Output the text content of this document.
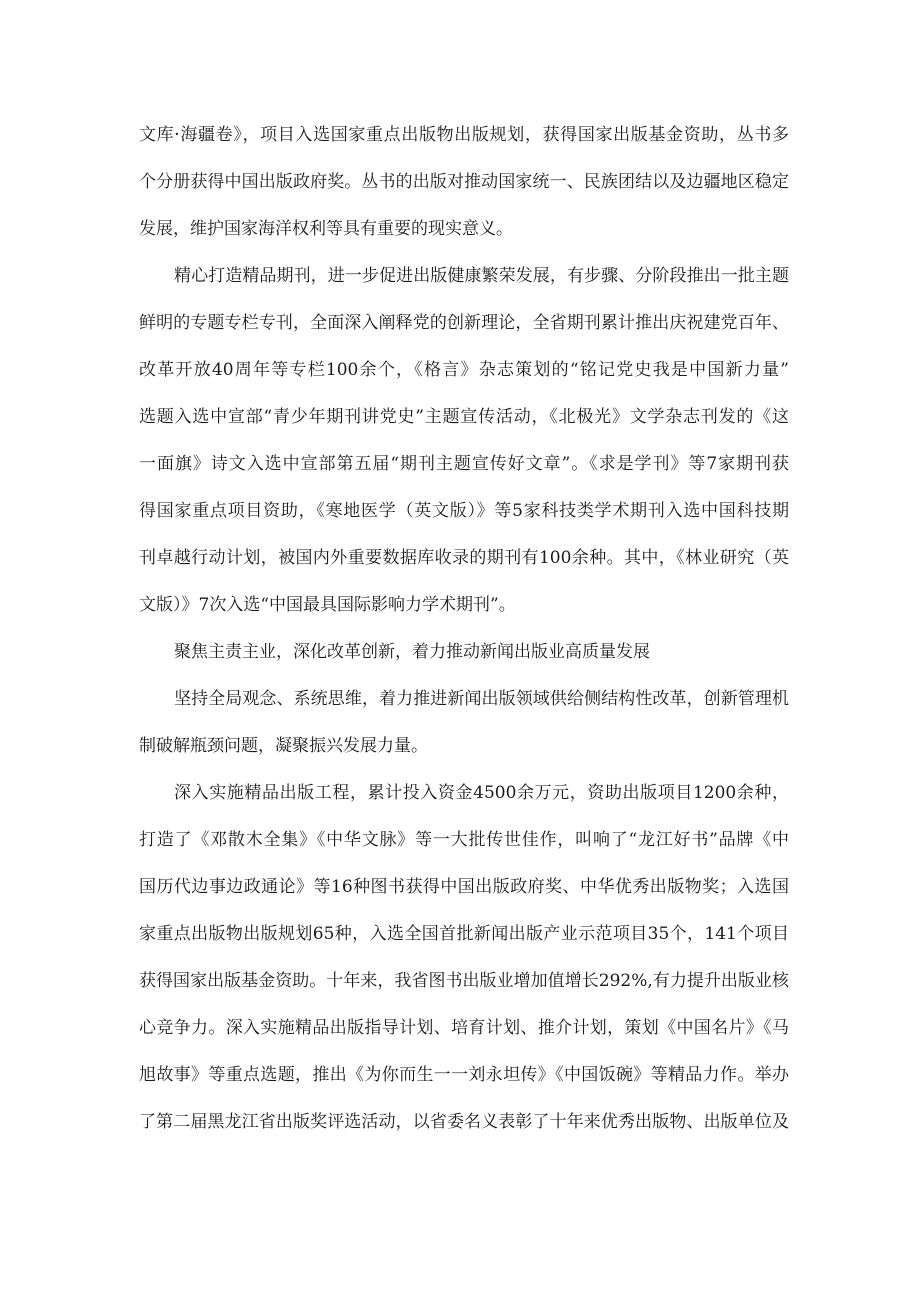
文库·海疆卷》，项目入选国家重点出版物出版规划，获得国家出版基金资助，丛书多
个分册获得中国出版政府奖。丛书的出版对推动国家统一、民族团结以及边疆地区稳定
发展，维护国家海洋权利等具有重要的现实意义。
精心打造精品期刊，进一步促进出版健康繁荣发展，有步骤、分阶段推出一批主题
鲜明的专题专栏专刊，全面深入阐释党的创新理论，全省期刊累计推出庆祝建党百年、
改革开放40周年等专栏100余个，《格言》杂志策划的“铭记党史我是中国新力量”
选题入选中宣部“青少年期刊讲党史”主题宣传活动，《北极光》文学杂志刊发的《这
一面旗》诗文入选中宣部第五届“期刊主题宣传好文章”。《求是学刊》等7家期刊获
得国家重点项目资助，《寒地医学（英文版）》等5家科技类学术期刊入选中国科技期
刊卓越行动计划，被国内外重要数据库收录的期刊有100余种。其中，《林业研究（英
文版）》7次入选“中国最具国际影响力学术期刊”。
聚焦主责主业，深化改革创新，着力推动新闻出版业高质量发展
坚持全局观念、系统思维，着力推进新闻出版领域供给侧结构性改革，创新管理机
制破解瓶颈问题，凝聚振兴发展力量。
深入实施精品出版工程，累计投入资金4500余万元，资助出版项目1200余种，
打造了《邓散木全集》《中华文脉》等一大批传世佳作，叫响了“龙江好书”品牌《中
国历代边事边政通论》等16种图书获得中国出版政府奖、中华优秀出版物奖；入选国
家重点出版物出版规划65种，入选全国首批新闻出版产业示范项目35个，141个项目
获得国家出版基金资助。十年来，我省图书出版业增加值增长292%,有力提升出版业核
心竞争力。深入实施精品出版指导计划、培育计划、推介计划，策划《中国名片》《马
旭故事》等重点选题，推出《为你而生一一刘永坦传》《中国饭碗》等精品力作。举办
了第二届黑龙江省出版奖评选活动，以省委名义表彰了十年来优秀出版物、出版单位及
